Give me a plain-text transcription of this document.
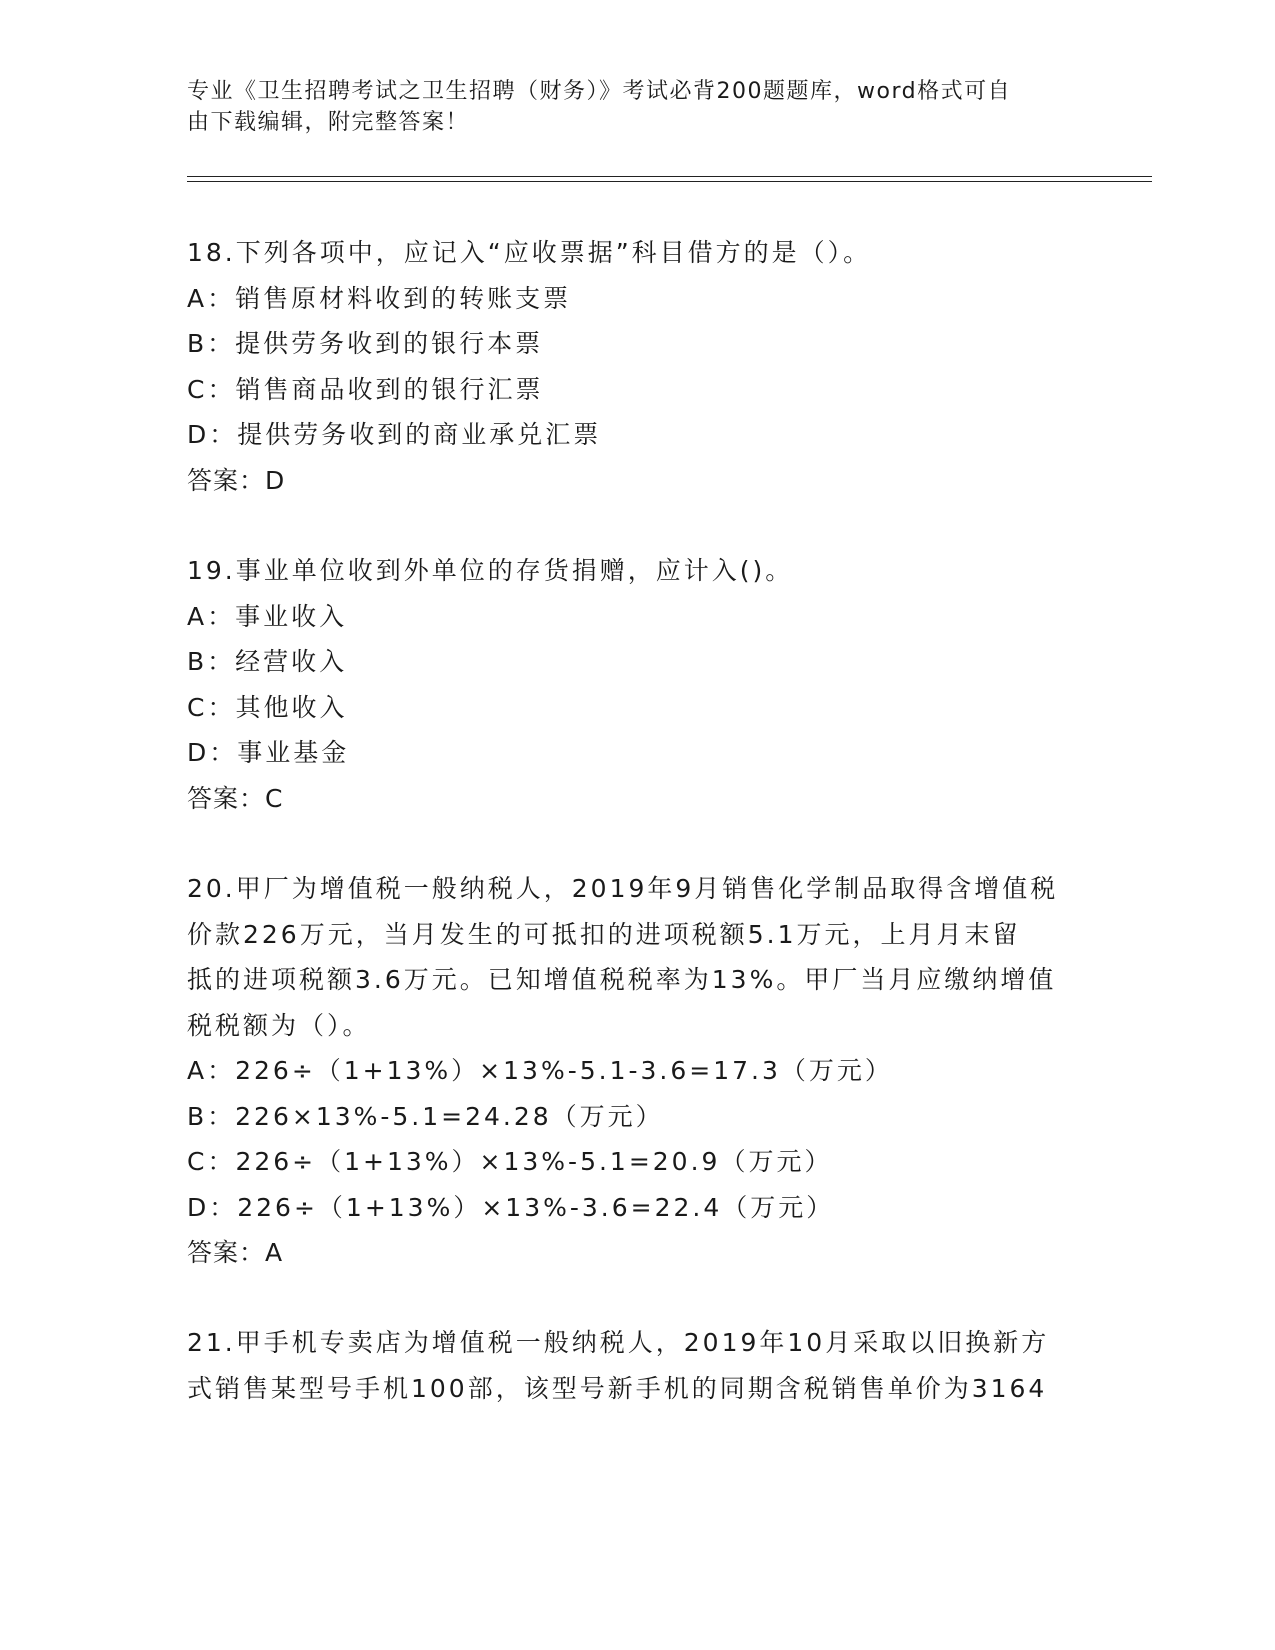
专业《卫生招聘考试之卫生招聘（财务）》考试必背200题题库，word格式可自
由下载编辑，附完整答案！
18.下列各项中，应记入“应收票据”科目借方的是（）。
A：销售原材料收到的转账支票
B：提供劳务收到的银行本票
C：销售商品收到的银行汇票
D：提供劳务收到的商业承兑汇票
答案：D
19.事业单位收到外单位的存货捐赠，应计入()。
A：事业收入
B：经营收入
C：其他收入
D：事业基金
答案：C
20.甲厂为增值税一般纳税人，2019年9月销售化学制品取得含增值税
价款226万元，当月发生的可抵扣的进项税额5.1万元，上月月末留
抵的进项税额3.6万元。已知增值税税率为13%。甲厂当月应缴纳增值
税税额为（）。
A：226÷（1+13%）×13%-5.1-3.6=17.3（万元）
B：226×13%-5.1=24.28（万元）
C：226÷（1+13%）×13%-5.1=20.9（万元）
D：226÷（1+13%）×13%-3.6=22.4（万元）
答案：A
21.甲手机专卖店为增值税一般纳税人，2019年10月采取以旧换新方
式销售某型号手机100部，该型号新手机的同期含税销售单价为3164
